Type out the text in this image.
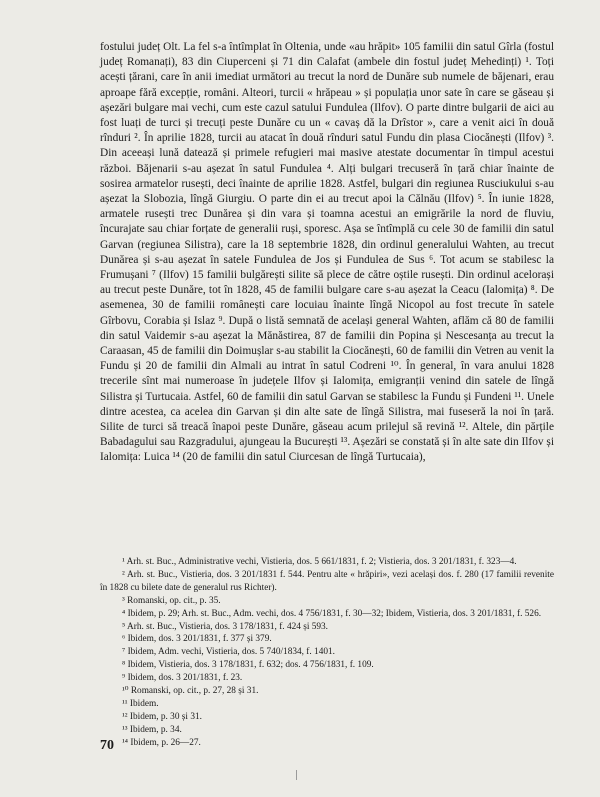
fostului județ Olt. La fel s-a întîmplat în Oltenia, unde «au hrăpit» 105 familii din satul Gîrla (fostul județ Romanați), 83 din Ciuperceni și 71 din Calafat (ambele din fostul județ Mehedinți) ¹. Toți acești țărani, care în anii imediat următori au trecut la nord de Dunăre sub numele de băjenari, erau aproape fără excepție, români. Alteori, turcii « hrăpeau » și populația unor sate în care se găseau și așezări bulgare mai vechi, cum este cazul satului Fundulea (Ilfov). O parte dintre bulgarii de aici au fost luați de turci și trecuți peste Dunăre cu un « cavaș dă la Drîstor », care a venit aici în două rînduri ². În aprilie 1828, turcii au atacat în două rînduri satul Fundu din plasa Ciocănești (Ilfov) ³. Din aceeași lună datează și primele refugieri mai masive atestate documentar în timpul acestui război. Băjenarii s-au așezat în satul Fundulea ⁴. Alți bulgari trecuseră în țară chiar înainte de sosirea armatelor rusești, deci înainte de aprilie 1828. Astfel, bulgari din regiunea Rusciukului s-au așezat la Slobozia, lîngă Giurgiu. O parte din ei au trecut apoi la Călnău (Ilfov) ⁵. În iunie 1828, armatele rusești trec Dunărea și din vara și toamna acestui an emigrările la nord de fluviu, încurajate sau chiar forțate de generalii ruși, sporesc. Așa se întîmplă cu cele 30 de familii din satul Garvan (regiunea Silistra), care la 18 septembrie 1828, din ordinul generalului Wahten, au trecut Dunărea și s-au așezat în satele Fundulea de Jos și Fundulea de Sus ⁶. Tot acum se stabilesc la Frumușani ⁷ (Ilfov) 15 familii bulgărești silite să plece de către oștile rusești. Din ordinul acelorași au trecut peste Dunăre, tot în 1828, 45 de familii bulgare care s-au așezat la Ceacu (Ialomița) ⁸. De asemenea, 30 de familii românești care locuiau înainte lîngă Nicopol au fost trecute în satele Gîrbovu, Corabia și Islaz ⁹. După o listă semnată de același general Wahten, aflăm că 80 de familii din satul Vaidemir s-au așezat la Mănăstirea, 87 de familii din Popina și Nescesanța au trecut la Caraasan, 45 de familii din Doimușlar s-au stabilit la Ciocănești, 60 de familii din Vetren au venit la Fundu și 20 de familii din Almali au intrat în satul Codreni ¹⁰. În general, în vara anului 1828 trecerile sînt mai numeroase în județele Ilfov și Ialomița, emigranții venind din satele de lîngă Silistra și Turtucaia. Astfel, 60 de familii din satul Garvan se stabilesc la Fundu și Fundeni ¹¹. Unele dintre acestea, ca acelea din Garvan și din alte sate de lîngă Silistra, mai fuseseră la noi în țară. Silite de turci să treacă înapoi peste Dunăre, găseau acum prilejul să revină ¹². Altele, din părțile Babadagului sau Razgradului, ajungeau la București ¹³. Așezări se constată și în alte sate din Ilfov și Ialomița: Luica ¹⁴ (20 de familii din satul Ciurcesan de lîngă Turtucaia),

¹ Arh. st. Buc., Administrative vechi, Vistieria, dos. 5 661/1831, f. 2; Vistieria, dos. 3 201/1831, f. 323—4.

² Arh. st. Buc., Vistieria, dos. 3 201/1831 f. 544. Pentru alte « hrăpiri», vezi același dos. f. 280 (17 familii revenite în 1828 cu bilete date de generalul rus Richter).

³ Romanski, op. cit., p. 35.

⁴ Ibidem, p. 29; Arh. st. Buc., Adm. vechi, dos. 4 756/1831, f. 30—32; Ibidem, Vistieria, dos. 3 201/1831, f. 526.

⁵ Arh. st. Buc., Vistieria, dos. 3 178/1831, f. 424 și 593.

⁶ Ibidem, dos. 3 201/1831, f. 377 și 379.

⁷ Ibidem, Adm. vechi, Vistieria, dos. 5 740/1834, f. 1401.

⁸ Ibidem, Vistieria, dos. 3 178/1831, f. 632; dos. 4 756/1831, f. 109.

⁹ Ibidem, dos. 3 201/1831, f. 23.

¹⁰ Romanski, op. cit., p. 27, 28 și 31.

¹¹ Ibidem.

¹² Ibidem, p. 30 și 31.

¹³ Ibidem, p. 34.

¹⁴ Ibidem, p. 26—27.

70
